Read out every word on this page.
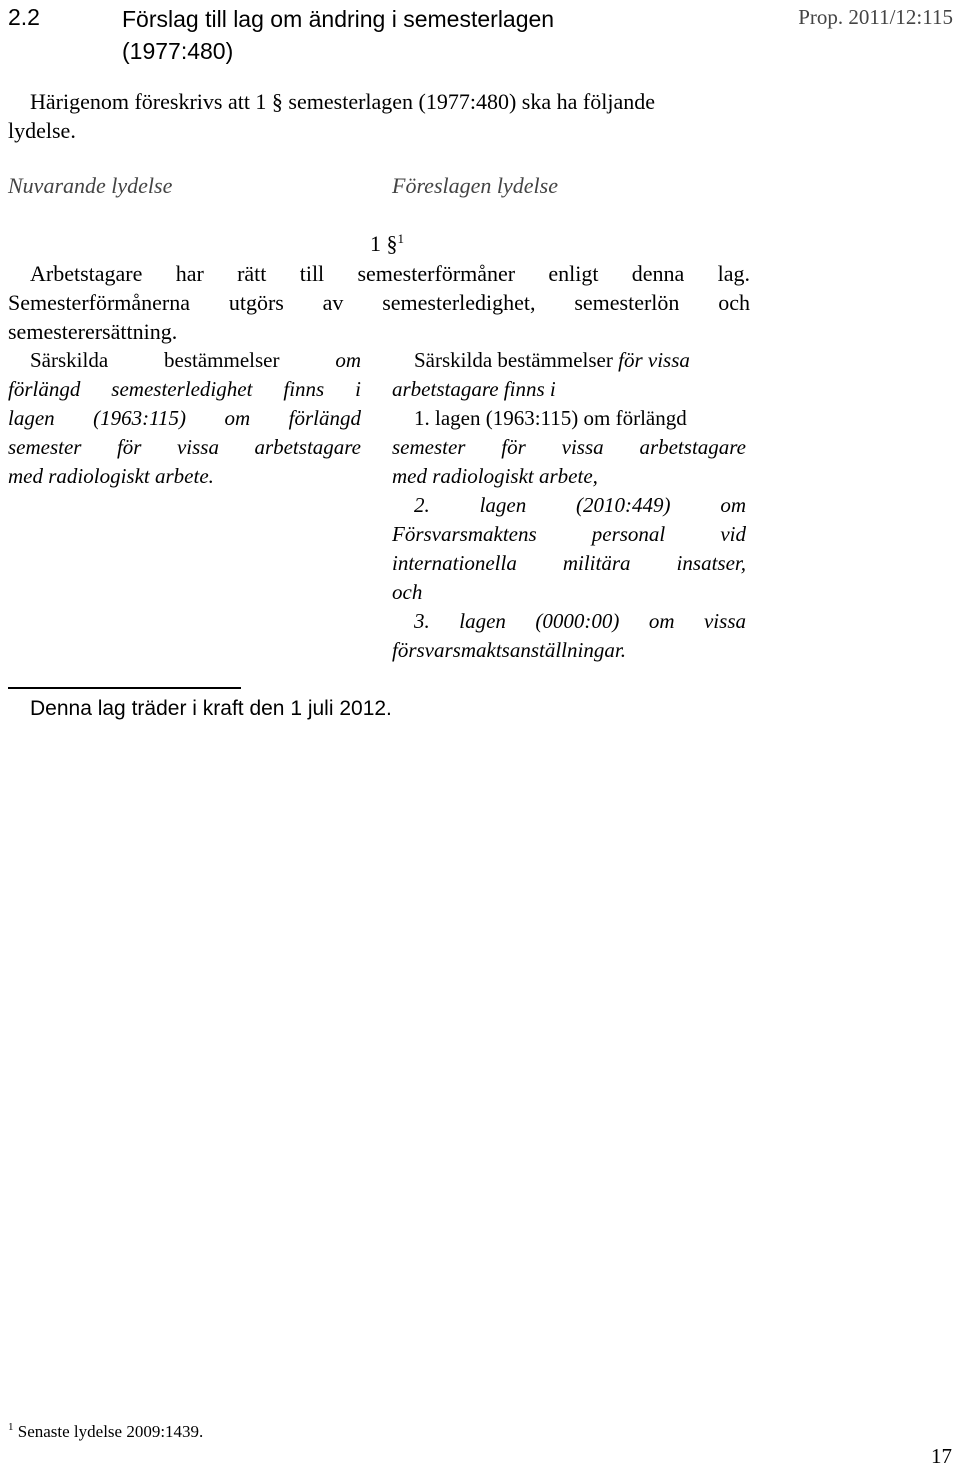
2.2	Förslag till lag om ändring i semesterlagen
(1977:480)
Prop. 2011/12:115
Härigenom föreskrivs att 1 § semesterlagen (1977:480) ska ha följande
lydelse.
Nuvarande lydelse	Föreslagen lydelse
1 §$^1$
Arbetstagare har rätt till semesterförmåner enligt denna lag.
Semesterförmånerna utgörs av semesterledighet, semesterlön och
semesterersättning.
Särskilda bestämmelser	om
förlängd semesterledighet finns i
lagen (1963:115) om förlängd
semester för vissa arbetstagare
med radiologiskt arbete.
Särskilda bestämmelser för vissa
arbetstagare finns i
1. lagen (1963:115) om förlängd
semester för vissa arbetstagare
med radiologiskt arbete,
2. lagen (2010:449) om
Försvarsmaktens personal vid
internationella militära insatser,
och
3. lagen (0000:00) om vissa
försvarsmaktsanställningar.
Denna lag träder i kraft den 1 juli 2012.
$^1$ Senaste lydelse 2009:1439.
17
